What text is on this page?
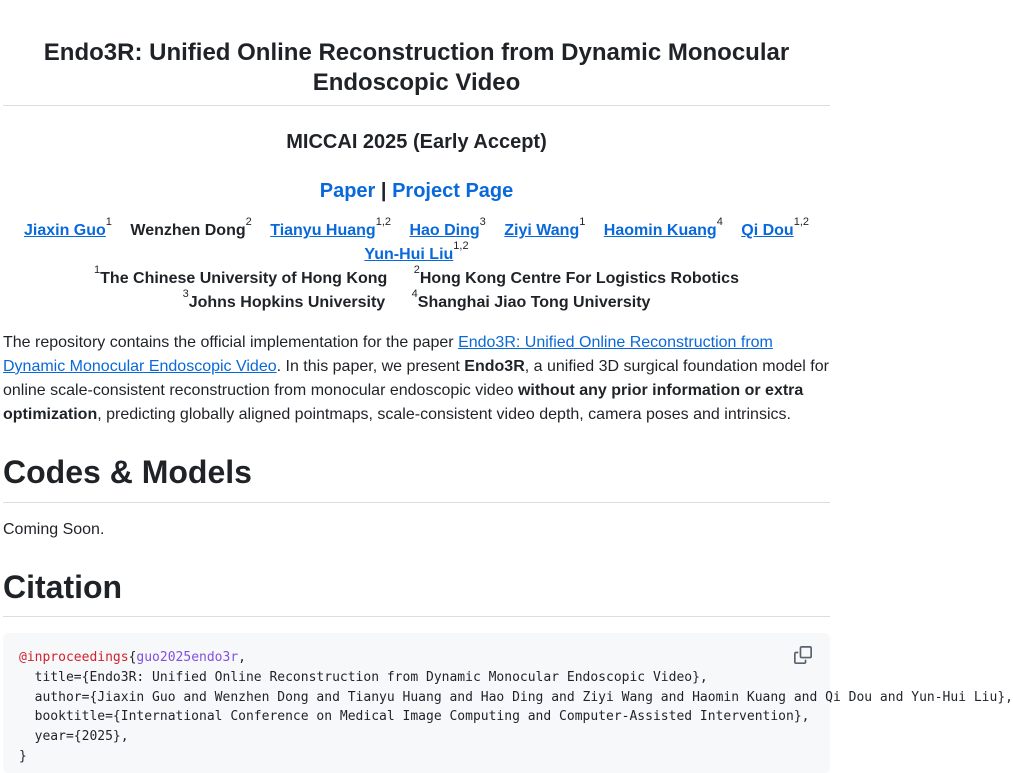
Endo3R: Unified Online Reconstruction from Dynamic Monocular Endoscopic Video
MICCAI 2025 (Early Accept)
Paper | Project Page
Jiaxin Guo$^1$ Wenzhen Dong$^2$ Tianyu Huang$^{1,2}$ Hao Ding$^3$ Ziyi Wang$^1$ Haomin Kuang$^4$ Qi Dou$^{1,2}$ Yun-Hui Liu$^{1,2}$
$^1$The Chinese University of Hong Kong $^2$Hong Kong Centre For Logistics Robotics
$^3$Johns Hopkins University $^4$Shanghai Jiao Tong University

The repository contains the official implementation for the paper Endo3R: Unified Online Reconstruction from Dynamic Monocular Endoscopic Video. In this paper, we present Endo3R, a unified 3D surgical foundation model for online scale-consistent reconstruction from monocular endoscopic video without any prior information or extra optimization, predicting globally aligned pointmaps, scale-consistent video depth, camera poses and intrinsics.

Codes & Models
Coming Soon.
Citation
@inproceedings{guo2025endo3r,
title={Endo3R: Unified Online Reconstruction from Dynamic Monocular Endoscopic Video},
author={Jiaxin Guo and Wenzhen Dong and Tianyu Huang and Hao Ding and Ziyi Wang and Haomin Kuang and Qi Dou and Yun-Hui Liu},
booktitle={International Conference on Medical Image Computing and Computer-Assisted Intervention},
year={2025},
}
